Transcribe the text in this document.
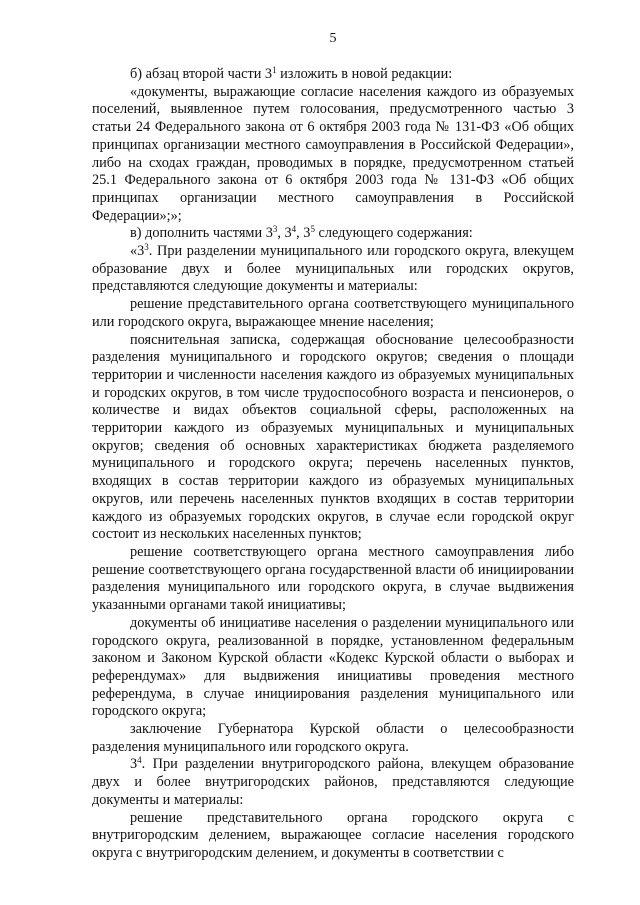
5

б) абзац второй части $3^1$ изложить в новой редакции:

«документы, выражающие согласие населения каждого из образуемых поселений, выявленное путем голосования, предусмотренного частью 3 статьи 24 Федерального закона от 6 октября 2003 года № 131-ФЗ «Об общих принципах организации местного самоуправления в Российской Федерации», либо на сходах граждан, проводимых в порядке, предусмотренном статьей 25.1 Федерального закона от 6 октября 2003 года № 131-ФЗ «Об общих принципах организации местного самоуправления в Российской Федерации»;»;

в) дополнить частями $3^3$, $3^4$, $3^5$ следующего содержания:

«$3^3$. При разделении муниципального или городского округа, влекущем образование двух и более муниципальных или городских округов, представляются следующие документы и материалы:

решение представительного органа соответствующего муниципального или городского округа, выражающее мнение населения;

пояснительная записка, содержащая обоснование целесообразности разделения муниципального и городского округов; сведения о площади территории и численности населения каждого из образуемых муниципальных и городских округов, в том числе трудоспособного возраста и пенсионеров, о количестве и видах объектов социальной сферы, расположенных на территории каждого из образуемых муниципальных и муниципальных округов; сведения об основных характеристиках бюджета разделяемого муниципального и городского округа; перечень населенных пунктов, входящих в состав территории каждого из образуемых муниципальных округов, или перечень населенных пунктов входящих в состав территории каждого из образуемых городских округов, в случае если городской округ состоит из нескольких населенных пунктов;

решение соответствующего органа местного самоуправления либо решение соответствующего органа государственной власти об инициировании разделения муниципального или городского округа, в случае выдвижения указанными органами такой инициативы;

документы об инициативе населения о разделении муниципального или городского округа, реализованной в порядке, установленном федеральным законом и Законом Курской области «Кодекс Курской области о выборах и референдумах» для выдвижения инициативы проведения местного референдума, в случае инициирования разделения муниципального или городского округа;

заключение Губернатора Курской области о целесообразности разделения муниципального или городского округа.

$3^4$. При разделении внутригородского района, влекущем образование двух и более внутригородских районов, представляются следующие документы и материалы:

решение представительного органа городского округа с внутригородским делением, выражающее согласие населения городского округа с внутригородским делением, и документы в соответствии с
